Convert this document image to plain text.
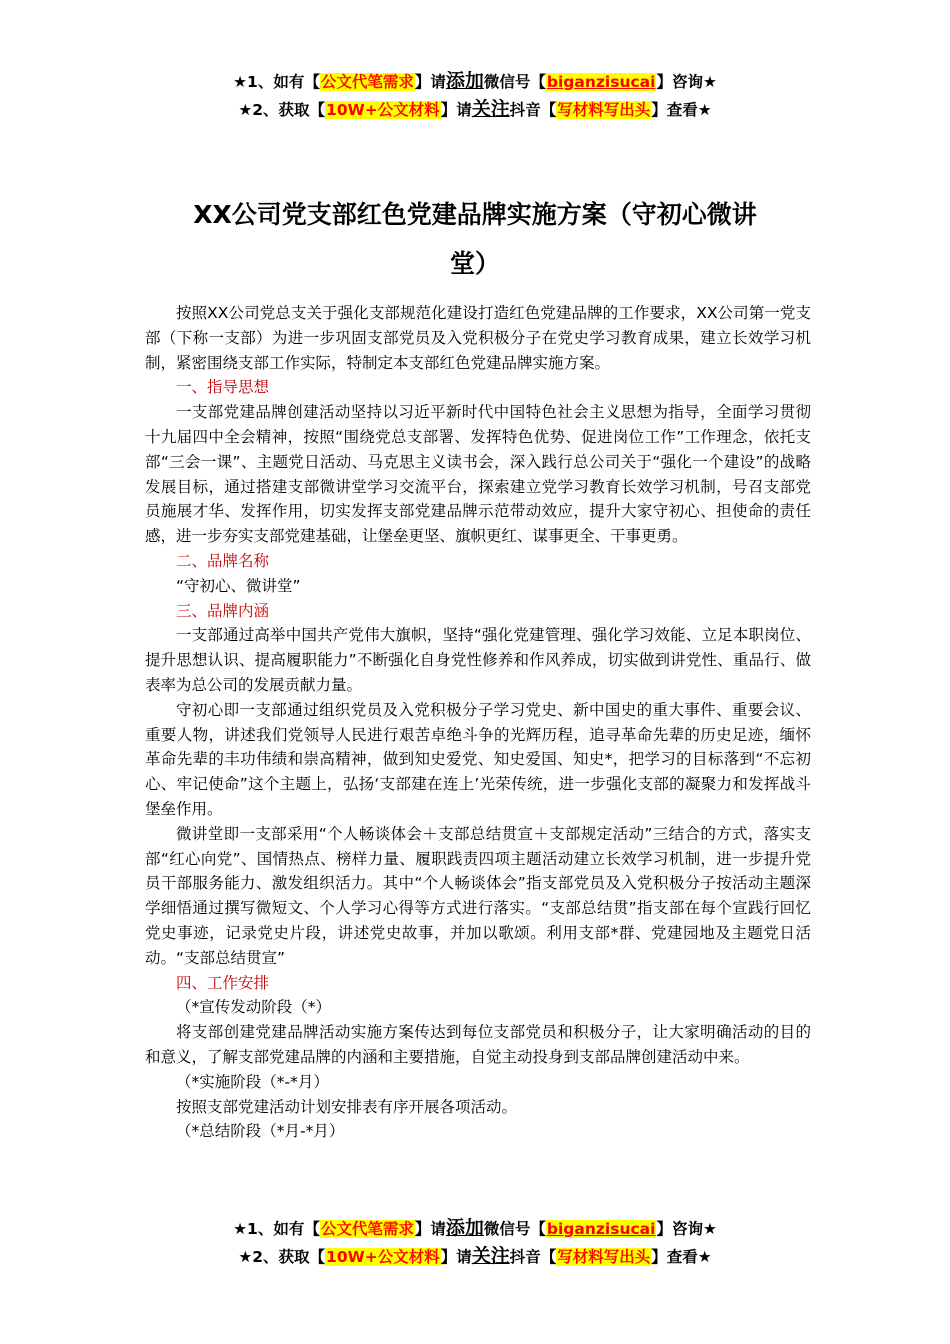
★1、如有【公文代笔需求】请添加微信号【biganzisucai】咨询★
★2、获取【10W+公文材料】请关注抖音【写材料写出头】查看★
XX公司党支部红色党建品牌实施方案（守初心微讲
堂）

按照XX公司党总支关于强化支部规范化建设打造红色党建品牌的工作要求，XX公司第一党支部（下称一支部）为进一步巩固支部党员及入党积极分子在党史学习教育成果，建立长效学习机制，紧密围绕支部工作实际，特制定本支部红色党建品牌实施方案。

一、指导思想

一支部党建品牌创建活动坚持以习近平新时代中国特色社会主义思想为指导，全面学习贯彻十九届四中全会精神，按照“围绕党总支部署、发挥特色优势、促进岗位工作”工作理念，依托支部“三会一课”、主题党日活动、马克思主义读书会，深入践行总公司关于“强化一个建设”的战略发展目标，通过搭建支部微讲堂学习交流平台，探索建立党学习教育长效学习机制，号召支部党员施展才华、发挥作用，切实发挥支部党建品牌示范带动效应，提升大家守初心、担使命的责任感，进一步夯实支部党建基础，让堡垒更坚、旗帜更红、谋事更全、干事更勇。

二、品牌名称

“守初心、微讲堂”

三、品牌内涵

一支部通过高举中国共产党伟大旗帜，坚持“强化党建管理、强化学习效能、立足本职岗位、提升思想认识、提高履职能力”不断强化自身党性修养和作风养成，切实做到讲党性、重品行、做表率为总公司的发展贡献力量。

守初心即一支部通过组织党员及入党积极分子学习党史、新中国史的重大事件、重要会议、重要人物，讲述我们党领导人民进行艰苦卓绝斗争的光辉历程，追寻革命先辈的历史足迹，缅怀革命先辈的丰功伟绩和崇高精神，做到知史爱党、知史爱国、知史*，把学习的目标落到“不忘初心、牢记使命”这个主题上，弘扬‘支部建在连上’光荣传统，进一步强化支部的凝聚力和发挥战斗堡垒作用。

微讲堂即一支部采用“个人畅谈体会＋支部总结贯宣＋支部规定活动”三结合的方式，落实支部“红心向党”、国情热点、榜样力量、履职践责四项主题活动建立长效学习机制，进一步提升党员干部服务能力、激发组织活力。其中“个人畅谈体会”指支部党员及入党积极分子按活动主题深学细悟通过撰写微短文、个人学习心得等方式进行落实。“支部总结贯”指支部在每个宣践行回忆党史事迹，记录党史片段，讲述党史故事，并加以歌颂。利用支部*群、党建园地及主题党日活动。“支部总结贯宣”

四、工作安排
（*宣传发动阶段（*）

将支部创建党建品牌活动实施方案传达到每位支部党员和积极分子，让大家明确活动的目的和意义，了解支部党建品牌的内涵和主要措施，自觉主动投身到支部品牌创建活动中来。

（*实施阶段（*-*月）

按照支部党建活动计划安排表有序开展各项活动。

（*总结阶段（*月-*月）
★1、如有【公文代笔需求】请添加微信号【biganzisucai】咨询★
★2、获取【10W+公文材料】请关注抖音【写材料写出头】查看★
